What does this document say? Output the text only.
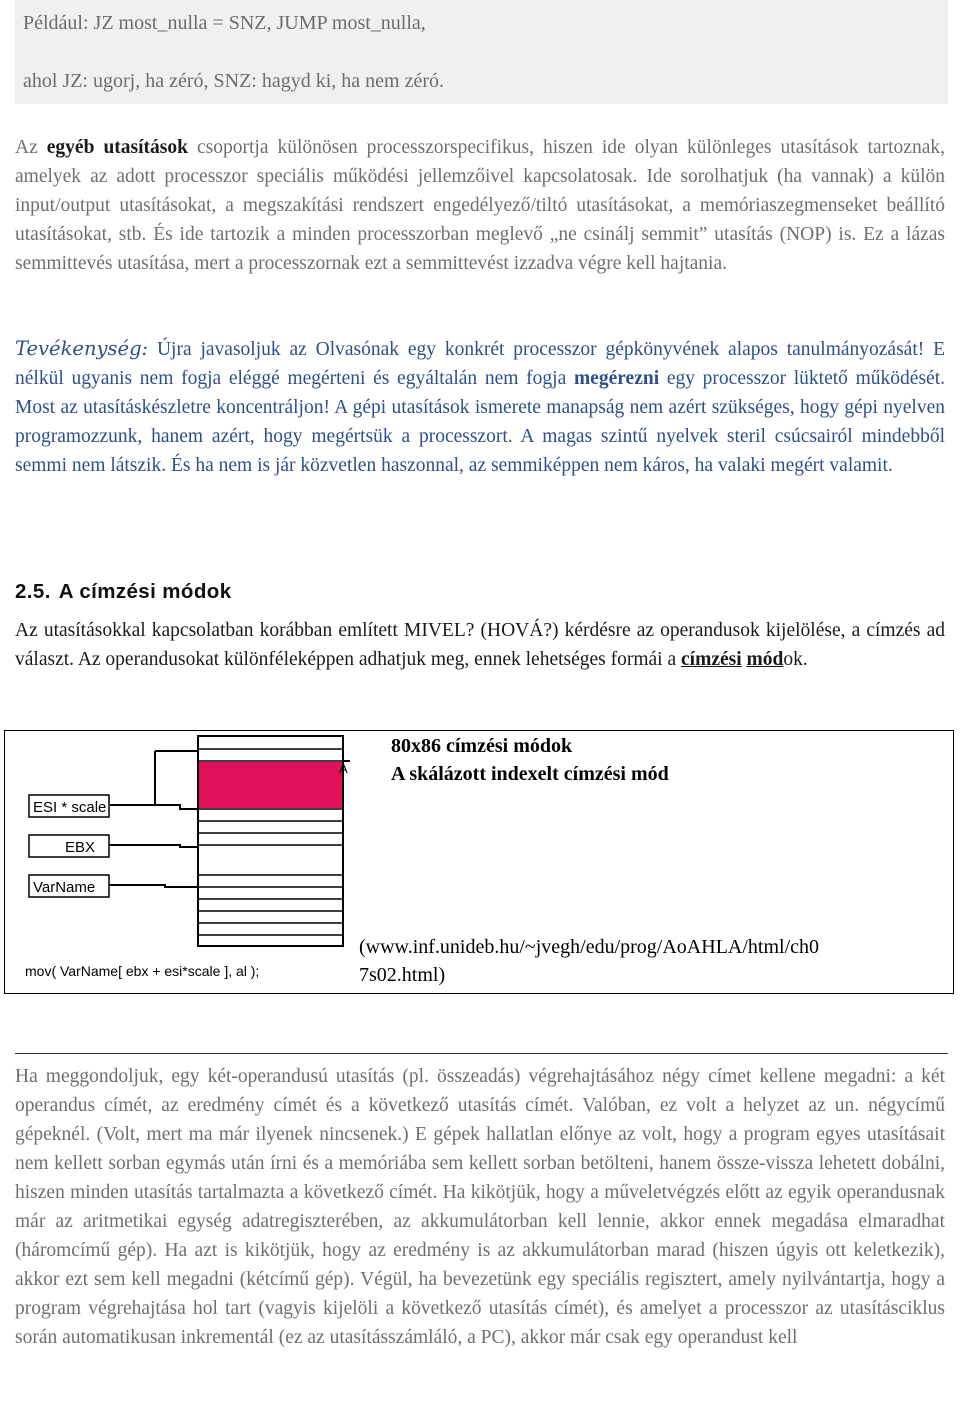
Például: JZ most_nulla = SNZ, JUMP most_nulla,
ahol JZ: ugorj, ha zéró, SNZ: hagyd ki, ha nem zéró.
Az egyéb utasítások csoportja különösen processzorspecifikus, hiszen ide olyan különleges utasítások tartoznak, amelyek az adott processzor speciális működési jellemzőivel kapcsolatosak. Ide sorolhatjuk (ha vannak) a külön input/output utasításokat, a megszakítási rendszert engedélyező/tiltó utasításokat, a memóriaszegmenseket beállító utasításokat, stb. És ide tartozik a minden processzorban meglevő „ne csinálj semmit” utasítás (NOP) is. Ez a lázas semmittevés utasítása, mert a processzornak ezt a semmittevést izzadva végre kell hajtania.
Tevékenység: Újra javasoljuk az Olvasónak egy konkrét processzor gépkönyvének alapos tanulmányozását! E nélkül ugyanis nem fogja eléggé megérteni és egyáltalán nem fogja megérezni egy processzor lüktető működését. Most az utasításkészletre koncentráljon! A gépi utasítások ismerete manapság nem azért szükséges, hogy gépi nyelven programozzunk, hanem azért, hogy megértsük a processzort. A magas szintű nyelvek steril csúcsairól mindebből semmi nem látszik. És ha nem is jár közvetlen haszonnal, az semmiképpen nem káros, ha valaki megért valamit.
2.5. A címzési módok
Az utasításokkal kapcsolatban korábban említett MIVEL? (HOVÁ?) kérdésre az operandusok kijelölése, a címzés ad választ. Az operandusokat különféleképpen adhatjuk meg, ennek lehetséges formái a címzési módok.
ESI * scale
EBX
VarName
mov( VarName[ ebx + esi*scale ], al );
A
80x86 címzési módok
A skálázott indexelt címzési mód
(www.inf.unideb.hu/~jvegh/edu/prog/AoAHLA/html/ch0
7s02.html)
Ha meggondoljuk, egy két-operandusú utasítás (pl. összeadás) végrehajtásához négy címet kellene megadni: a két operandus címét, az eredmény címét és a következő utasítás címét. Valóban, ez volt a helyzet az un. négycímű gépeknél. (Volt, mert ma már ilyenek nincsenek.) E gépek hallatlan előnye az volt, hogy a program egyes utasításait nem kellett sorban egymás után írni és a memóriába sem kellett sorban betölteni, hanem össze-vissza lehetett dobálni, hiszen minden utasítás tartalmazta a következő címét. Ha kikötjük, hogy a műveletvégzés előtt az egyik operandusnak már az aritmetikai egység adatregiszterében, az akkumulátorban kell lennie, akkor ennek megadása elmaradhat (háromcímű gép). Ha azt is kikötjük, hogy az eredmény is az akkumulátorban marad (hiszen úgyis ott keletkezik), akkor ezt sem kell megadni (kétcímű gép). Végül, ha bevezetünk egy speciális regisztert, amely nyilvántartja, hogy a program végrehajtása hol tart (vagyis kijelöli a következő utasítás címét), és amelyet a processzor az utasításciklus során automatikusan inkrementál (ez az utasításszámláló, a PC), akkor már csak egy operandust kell
